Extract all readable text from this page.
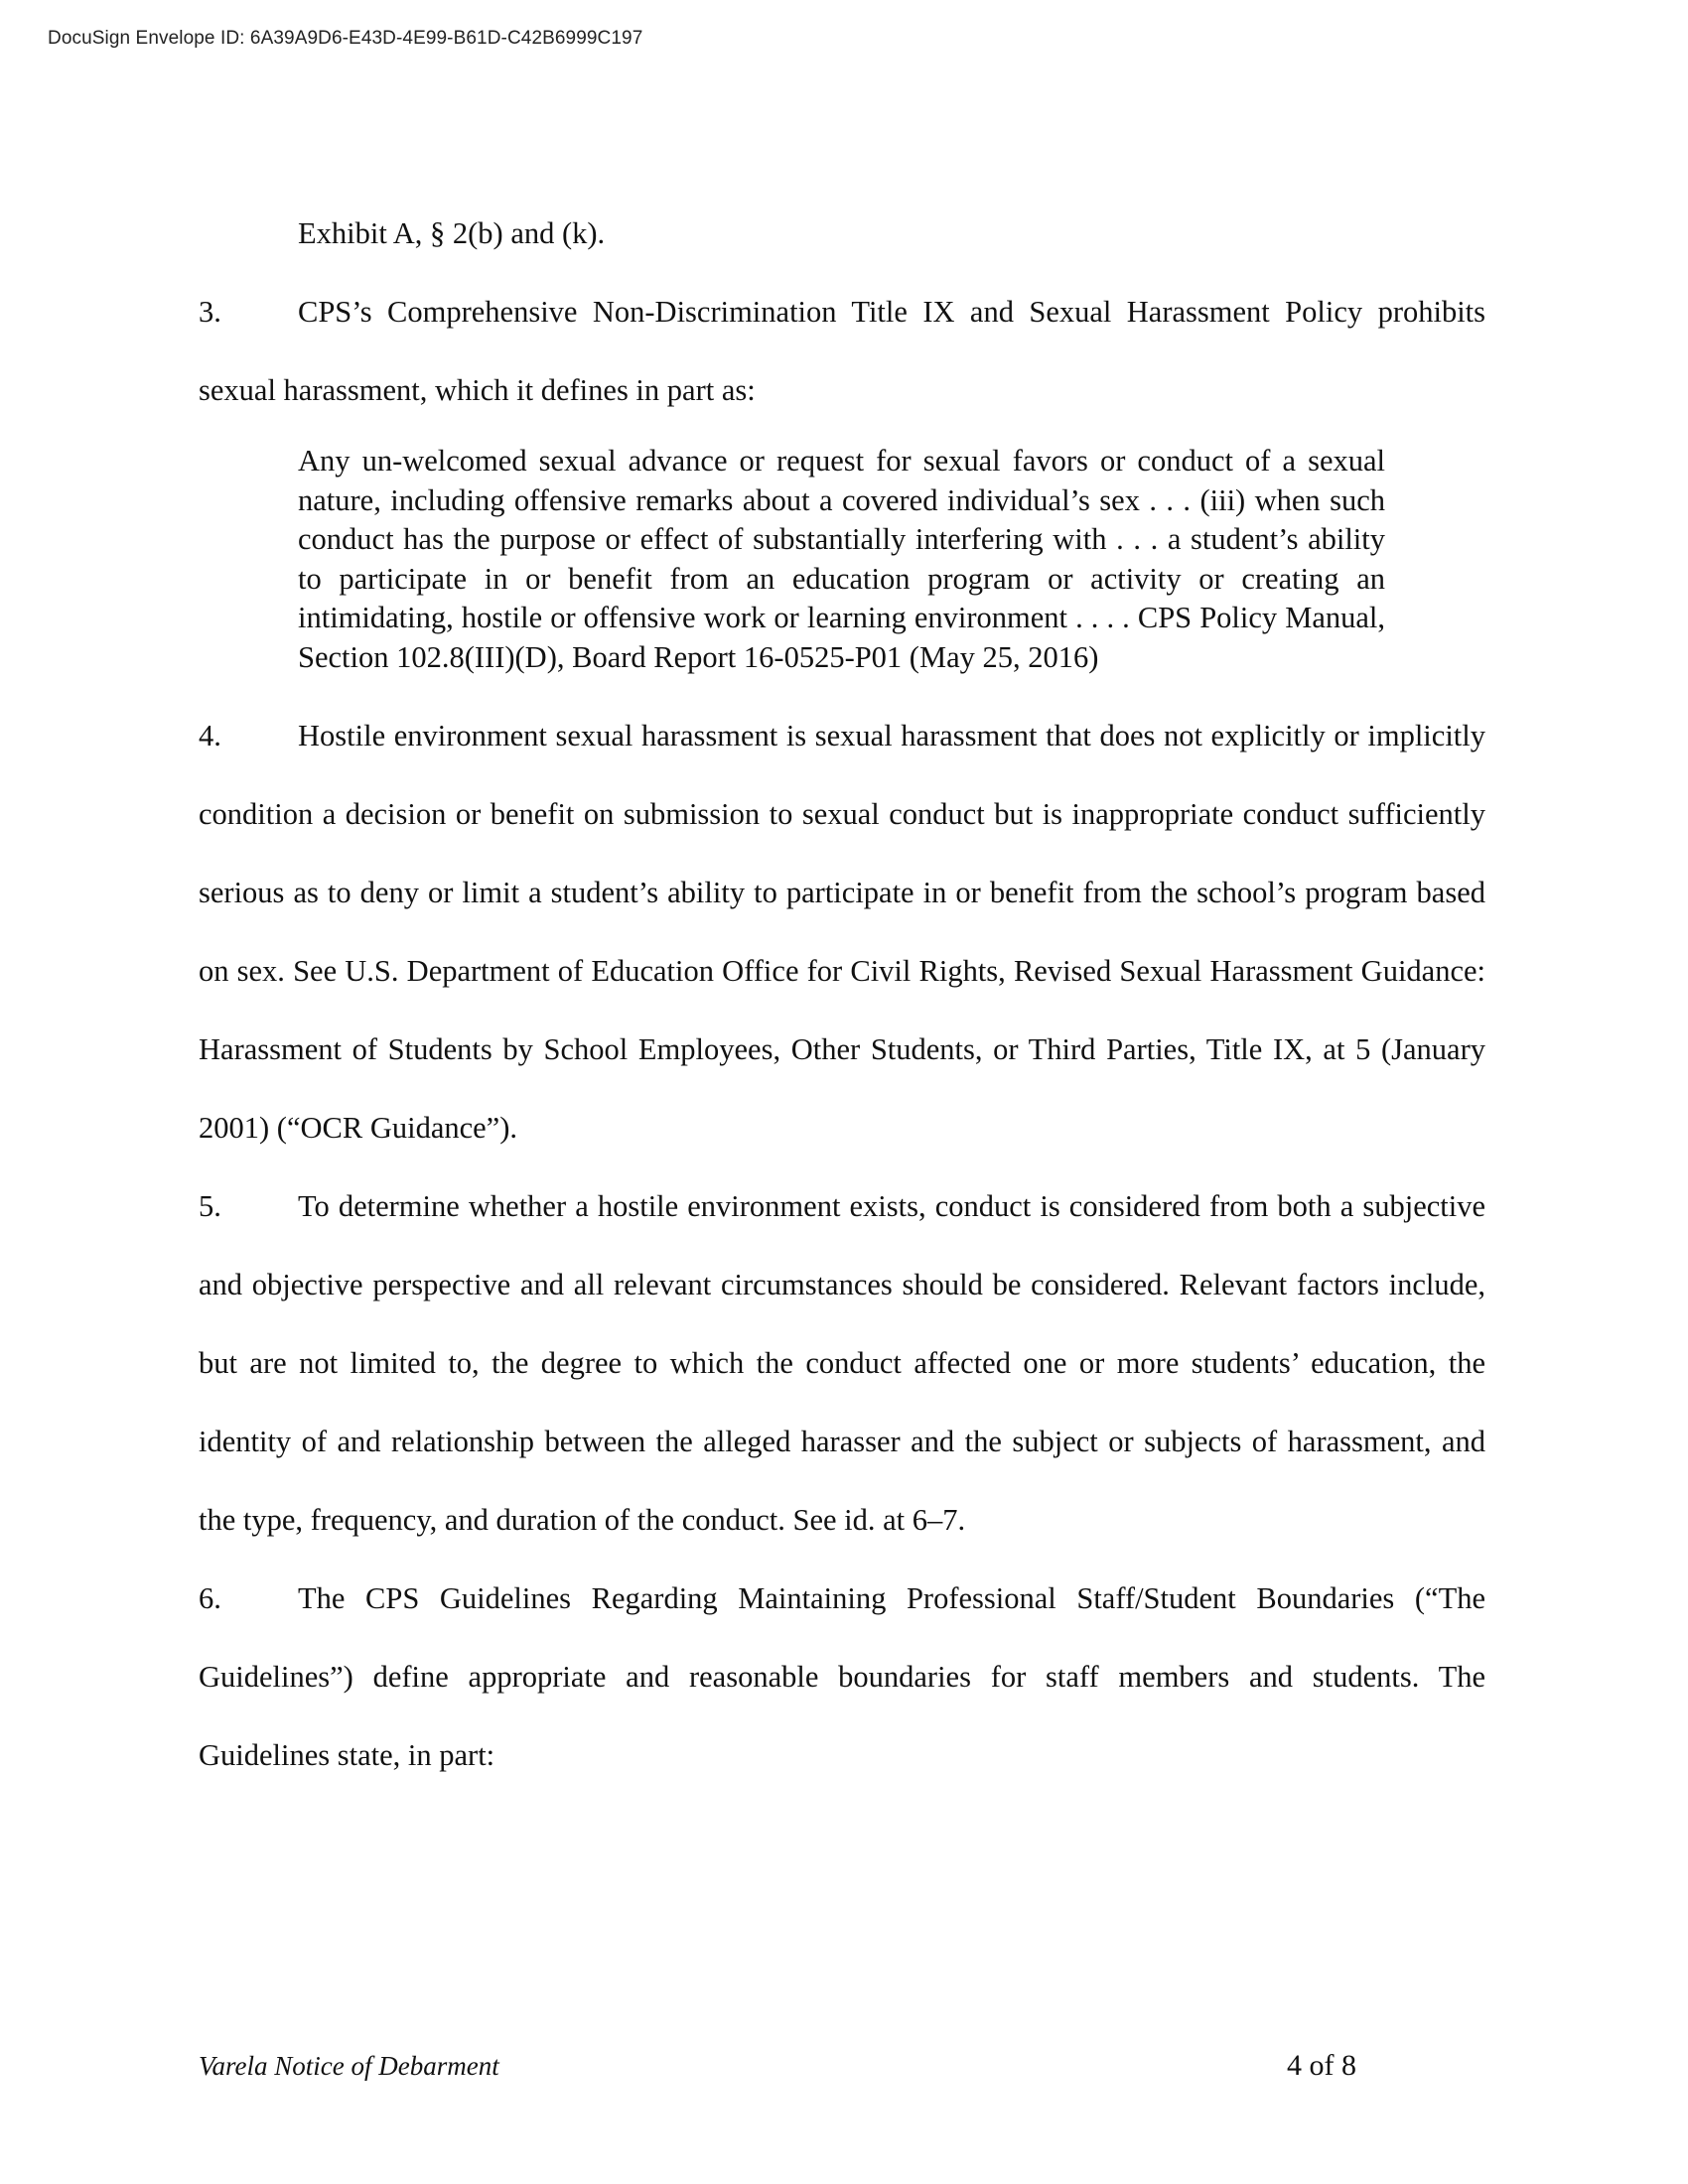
DocuSign Envelope ID: 6A39A9D6-E43D-4E99-B61D-C42B6999C197

Exhibit A, § 2(b) and (k).

3.	CPS’s Comprehensive Non-Discrimination Title IX and Sexual Harassment Policy prohibits sexual harassment, which it defines in part as:
Any un-welcomed sexual advance or request for sexual favors or conduct of a sexual nature, including offensive remarks about a covered individual’s sex . . . (iii) when such conduct has the purpose or effect of substantially interfering with . . . a student’s ability to participate in or benefit from an education program or activity or creating an intimidating, hostile or offensive work or learning environment . . . . CPS Policy Manual, Section 102.8(III)(D), Board Report 16-0525-P01 (May 25, 2016)
4.	Hostile environment sexual harassment is sexual harassment that does not explicitly or implicitly condition a decision or benefit on submission to sexual conduct but is inappropriate conduct sufficiently serious as to deny or limit a student’s ability to participate in or benefit from the school’s program based on sex. See U.S. Department of Education Office for Civil Rights, Revised Sexual Harassment Guidance: Harassment of Students by School Employees, Other Students, or Third Parties, Title IX, at 5 (January 2001) (“OCR Guidance”).
5.	To determine whether a hostile environment exists, conduct is considered from both a subjective and objective perspective and all relevant circumstances should be considered. Relevant factors include, but are not limited to, the degree to which the conduct affected one or more students’ education, the identity of and relationship between the alleged harasser and the subject or subjects of harassment, and the type, frequency, and duration of the conduct. See id. at 6–7.
6.	The CPS Guidelines Regarding Maintaining Professional Staff/Student Boundaries (“The Guidelines”) define appropriate and reasonable boundaries for staff members and students. The Guidelines state, in part:
Varela Notice of Debarment	4 of 8
